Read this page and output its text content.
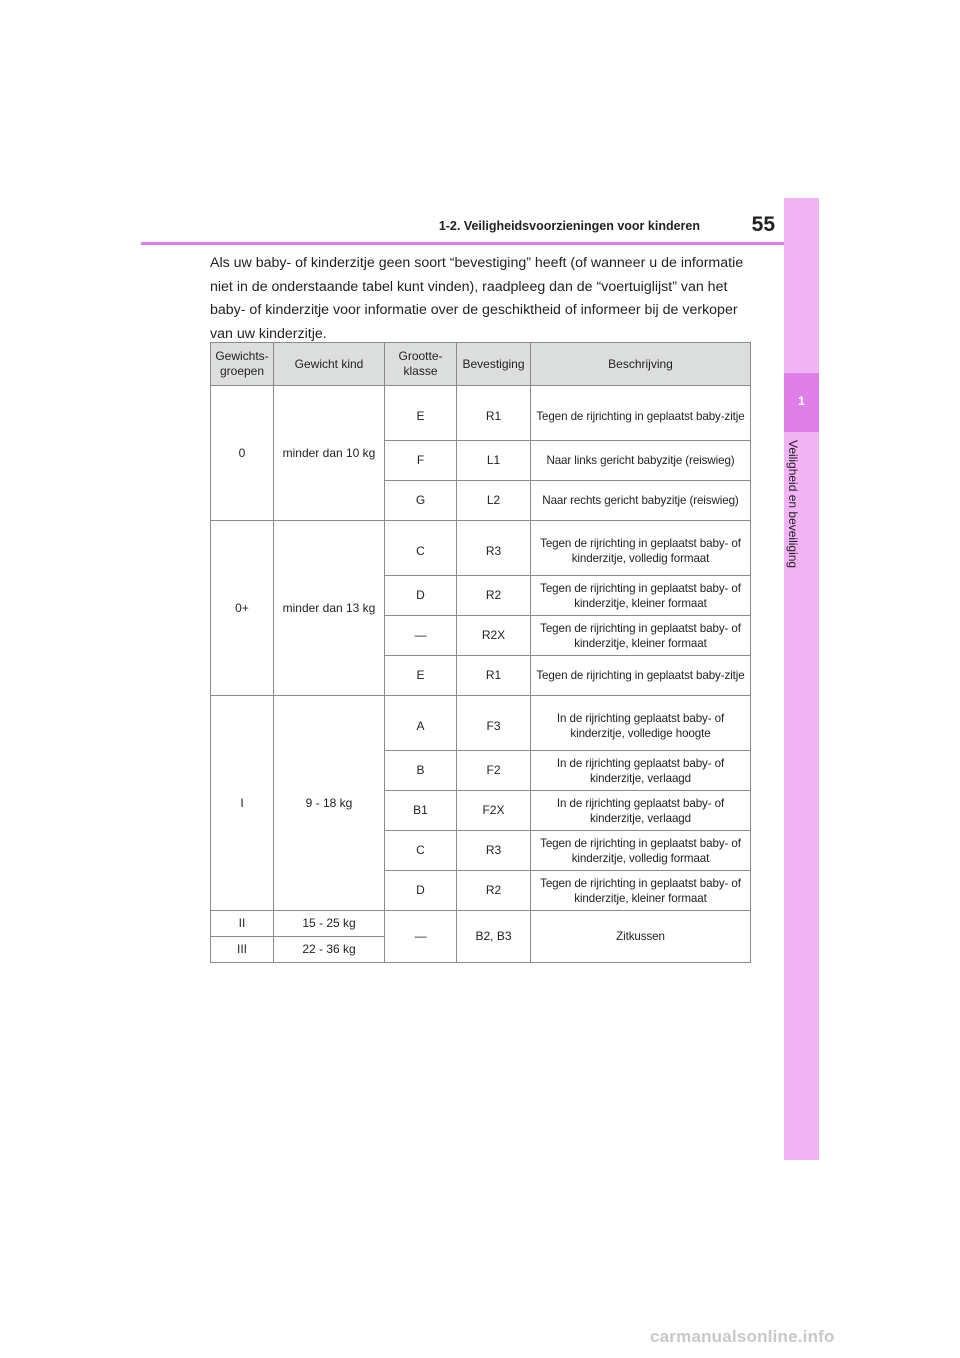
55
1-2. Veiligheidsvoorzieningen voor kinderen
1
Veiligheid en beveiliging

Als uw baby- of kinderzitje geen soort “bevestiging” heeft (of wanneer u de informatie niet in de onderstaande tabel kunt vinden), raadpleeg dan de “voertuiglijst” van het baby- of kinderzitje voor informatie over de geschiktheid of informeer bij de verkoper van uw kinderzitje.

Gewichts-groepen	Gewicht kind	Grootte-klasse	Bevestiging	Beschrijving
0	minder dan 10 kg	E	R1	Tegen de rijrichting in geplaatst baby-zitje
		F	L1	Naar links gericht babyzitje (reiswieg)
		G	L2	Naar rechts gericht babyzitje (reiswieg)
0+	minder dan 13 kg	C	R3	Tegen de rijrichting in geplaatst baby- of kinderzitje, volledig formaat
		D	R2	Tegen de rijrichting in geplaatst baby- of kinderzitje, kleiner formaat
		—	R2X	Tegen de rijrichting in geplaatst baby- of kinderzitje, kleiner formaat
		E	R1	Tegen de rijrichting in geplaatst baby-zitje
I	9 - 18 kg	A	F3	In de rijrichting geplaatst baby- of kinderzitje, volledige hoogte
		B	F2	In de rijrichting geplaatst baby- of kinderzitje, verlaagd
		B1	F2X	In de rijrichting geplaatst baby- of kinderzitje, verlaagd
		C	R3	Tegen de rijrichting in geplaatst baby- of kinderzitje, volledig formaat
		D	R2	Tegen de rijrichting in geplaatst baby- of kinderzitje, kleiner formaat
II	15 - 25 kg	—	B2, B3	Zitkussen
III	22 - 36 kg			
carmanualsonline.info
